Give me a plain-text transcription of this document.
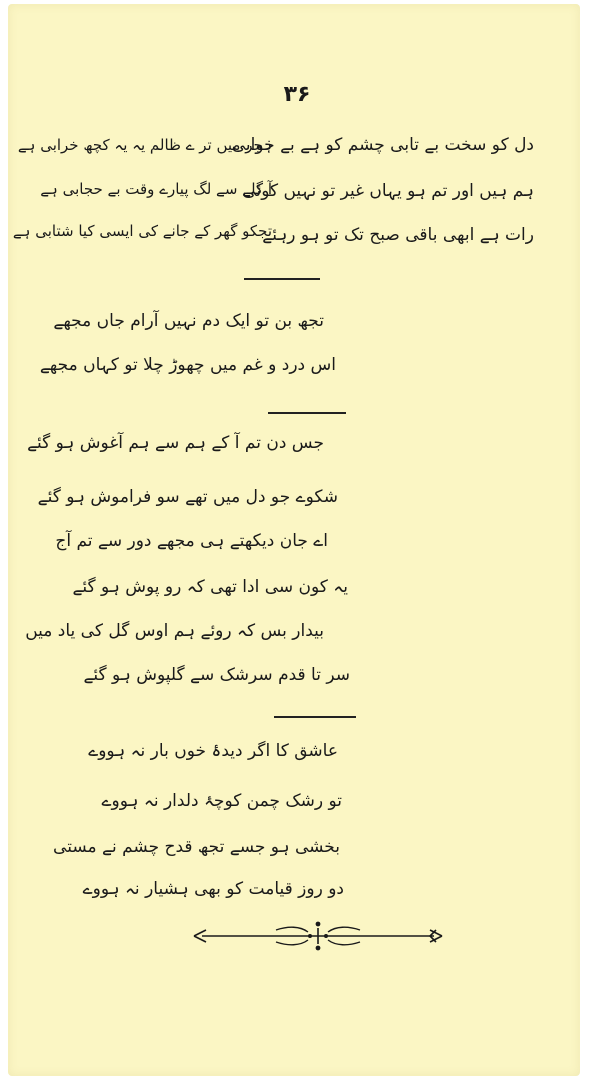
۳۶
دل کو سخت بے تابی چشم کو ہے بے خوابی
ہجر میں تر ے ظالم یہ یہ کچھ خرابی ہے
ہم ہیں اور تم ہو یہاں غیر تو نہیں کوئی
آ گلے سے لگ پیارے وقت بے حجابی ہے
رات ہے ابھی باقی صبح تک تو ہو رہئے
تجکو گھر کے جانے کی ایسی کیا شتابی ہے
تجھ بن تو ایک دم نہیں آرام جاں مجھے
اس درد و غم میں چھوڑ چلا تو کہاں مجھے
جس دن تم آ کے ہم سے ہم آغوش ہو گئے
شکوے جو دل میں تھے سو فراموش ہو گئے
اے جان دیکھتے ہی مجھے دور سے تم آج
یہ کون سی ادا تھی کہ رو پوش ہو گئے
بیدار بس کہ روئے ہم اوس گل کی یاد میں
سر تا قدم سرشک سے گلپوش ہو گئے
عاشق کا اگر دیدۂ خوں بار نہ ہووے
تو رشک چمن کوچۂ دلدار نہ ہووے
بخشی ہو جسے تجھ قدح چشم نے مستی
دو روز قیامت کو بھی ہشیار نہ ہووے
